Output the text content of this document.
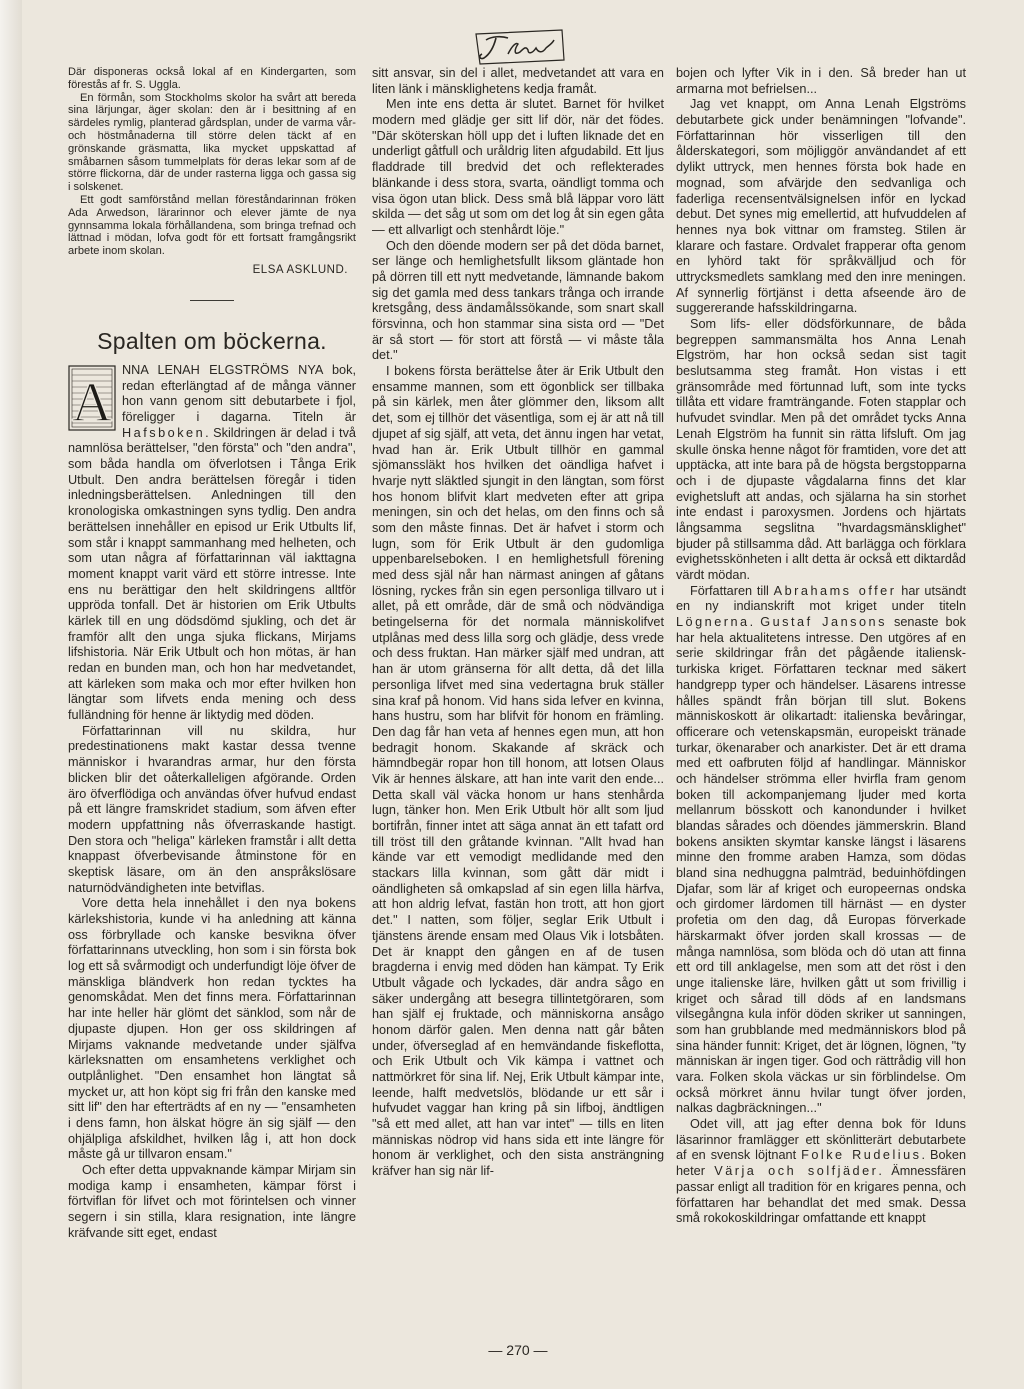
Där disponeras också lokal af en Kindergarten, som förestås af fr. S. Uggla.

En förmån, som Stockholms skolor ha svårt att bereda sina lärjungar, äger skolan: den är i besittning af en särdeles rymlig, planterad gårdsplan, under de varma vår- och höstmånaderna till större delen täckt af en grönskande gräsmatta, lika mycket uppskattad af småbarnen såsom tummelplats för deras lekar som af de större flickorna, där de under rasterna ligga och gassa sig i solskenet.

Ett godt samförstånd mellan föreståndarinnan fröken Ada Arwedson, lärarinnor och elever jämte de nya gynnsamma lokala förhållandena, som bringa trefnad och lättnad i mödan, lofva godt för ett fortsatt framgångsrikt arbete inom skolan.

ELSA ASKLUND.
Spalten om böckerna.

A
NNA LENAH ELGSTRÖMS NYA bok, redan efterlängtad af de många vänner hon vann genom sitt debutarbete i fjol, föreligger i dagarna. Titeln är Hafsboken. Skildringen är delad i två namnlösa berättelser, "den första" och "den andra", som båda handla om öfverlotsen i Tånga Erik Utbult. Den andra berättelsen föregår i tiden inledningsberättelsen. Anledningen till den kronologiska omkastningen syns tydlig. Den andra berättelsen innehåller en episod ur Erik Utbults lif, som står i knappt sammanhang med helheten, och som utan några af författarinnan väl iakttagna moment knappt varit värd ett större intresse. Inte ens nu berättigar den helt skildringens alltför uppröda tonfall. Det är historien om Erik Utbults kärlek till en ung dödsdömd sjukling, och det är framför allt den unga sjuka flickans, Mirjams lifshistoria. När Erik Utbult och hon mötas, är han redan en bunden man, och hon har medvetandet, att kärleken som maka och mor efter hvilken hon längtar som lifvets enda mening och dess fulländning för henne är liktydig med döden.

Författarinnan vill nu skildra, hur predestinationens makt kastar dessa tvenne människor i hvarandras armar, hur den första blicken blir det oåterkalleligen afgörande. Orden äro öfverflödiga och användas öfver hufvud endast på ett längre framskridet stadium, som äfven efter modern uppfattning nås öfverraskande hastigt. Den stora och "heliga" kärleken framstår i allt detta knappast öfverbevisande åtminstone för en skeptisk läsare, om än den anspråkslösare naturnödvändigheten inte betviflas.

Vore detta hela innehållet i den nya bokens kärlekshistoria, kunde vi ha anledning att känna oss förbryllade och kanske besvikna öfver författarinnans utveckling, hon som i sin första bok log ett så svårmodigt och underfundigt löje öfver de mänskliga bländverk hon redan tycktes ha genomskådat. Men det finns mera. Författarinnan har inte heller här glömt det sänklod, som når de djupaste djupen. Hon ger oss skildringen af Mirjams vaknande medvetande under själfva kärleksnatten om ensamhetens verklighet och outplånlighet. "Den ensamhet hon längtat så mycket ur, att hon köpt sig fri från den kanske med sitt lif" den har efterträdts af en ny — "ensamheten i dens famn, hon älskat högre än sig själf — den ohjälpliga afskildhet, hvilken låg i, att hon dock måste gå ur tillvaron ensam."

Och efter detta uppvaknande kämpar Mirjam sin modiga kamp i ensamheten, kämpar först i förtviflan för lifvet och mot förintelsen och vinner segern i sin stilla, klara resignation, inte längre kräfvande sitt eget, endast

sitt ansvar, sin del i allet, medvetandet att vara en liten länk i mänsklighetens kedja framåt.

Men inte ens detta är slutet. Barnet för hvilket modern med glädje ger sitt lif dör, när det födes. "Där sköterskan höll upp det i luften liknade det en underligt gåtfull och uråldrig liten afgudabild. Ett ljus fladdrade till bredvid det och reflekterades blänkande i dess stora, svarta, oändligt tomma och visa ögon utan blick. Dess små blå läppar voro lätt skilda — det såg ut som om det log åt sin egen gåta — ett allvarligt och stenhårdt löje."

Och den döende modern ser på det döda barnet, ser länge och hemlighetsfullt liksom gläntade hon på dörren till ett nytt medvetande, lämnande bakom sig det gamla med dess tankars trånga och irrande kretsgång, dess ändamålssökande, som snart skall försvinna, och hon stammar sina sista ord — "Det är så stort — för stort att förstå — vi måste tåla det."

I bokens första berättelse åter är Erik Utbult den ensamme mannen, som ett ögonblick ser tillbaka på sin kärlek, men åter glömmer den, liksom allt det, som ej tillhör det väsentliga, som ej är att nå till djupet af sig själf, att veta, det ännu ingen har vetat, hvad han är. Erik Utbult tillhör en gammal sjömanssläkt hos hvilken det oändliga hafvet i hvarje nytt släktled sjungit in den längtan, som först hos honom blifvit klart medveten efter att gripa meningen, sin och det helas, om den finns och så som den måste finnas. Det är hafvet i storm och lugn, som för Erik Utbult är den gudomliga uppenbarelseboken. I en hemlighetsfull förening med dess själ når han närmast aningen af gåtans lösning, ryckes från sin egen personliga tillvaro ut i allet, på ett område, där de små och nödvändiga betingelserna för det normala människolifvet utplånas med dess lilla sorg och glädje, dess vrede och dess fruktan. Han märker själf med undran, att han är utom gränserna för allt detta, då det lilla personliga lifvet med sina vedertagna bruk ställer sina kraf på honom. Vid hans sida lefver en kvinna, hans hustru, som har blifvit för honom en främling. Den dag får han veta af hennes egen mun, att hon bedragit honom. Skakande af skräck och hämndbegär ropar hon till honom, att lotsen Olaus Vik är hennes älskare, att han inte varit den ende... Detta skall väl väcka honom ur hans stenhårda lugn, tänker hon. Men Erik Utbult hör allt som ljud bortifrån, finner intet att säga annat än ett tafatt ord till tröst till den gråtande kvinnan. "Allt hvad han kände var ett vemodigt medlidande med den stackars lilla kvinnan, som gått där midt i oändligheten så omkapslad af sin egen lilla härfva, att hon aldrig lefvat, fastän hon trott, att hon gjort det." I natten, som följer, seglar Erik Utbult i tjänstens ärende ensam med Olaus Vik i lotsbåten. Det är knappt den gången en af de tusen bragderna i envig med döden han kämpat. Ty Erik Utbult vågade och lyckades, där andra sågo en säker undergång att besegra tillintetgöraren, som han själf ej fruktade, och människorna ansågo honom därför galen. Men denna natt går båten under, öfverseglad af en hemvändande fiskeflotta, och Erik Utbult och Vik kämpa i vattnet och nattmörkret för sina lif. Nej, Erik Utbult kämpar inte, leende, halft medvetslös, blödande ur ett sår i hufvudet vaggar han kring på sin lifboj, ändtligen "så ett med allet, att han var intet" — tills en liten människas nödrop vid hans sida ett inte längre för honom är verklighet, och den sista ansträngning kräfver han sig när lif-

bojen och lyfter Vik in i den. Så breder han ut armarna mot befrielsen...

Jag vet knappt, om Anna Lenah Elgströms debutarbete gick under benämningen "lofvande". Författarinnan hör visserligen till den ålderskategori, som möjliggör användandet af ett dylikt uttryck, men hennes första bok hade en mognad, som afvärjde den sedvanliga och faderliga recensentvälsignelsen inför en lyckad debut. Det synes mig emellertid, att hufvuddelen af hennes nya bok vittnar om framsteg. Stilen är klarare och fastare. Ordvalet frapperar ofta genom en lyhörd takt för språkvälljud och för uttrycksmedlets samklang med den inre meningen. Af synnerlig förtjänst i detta afseende äro de suggererande hafsskildringarna.

Som lifs- eller dödsförkunnare, de båda begreppen sammansmälta hos Anna Lenah Elgström, har hon också sedan sist tagit beslutsamma steg framåt. Hon vistas i ett gränsområde med förtunnad luft, som inte tycks tillåta ett vidare framträngande. Foten stapplar och hufvudet svindlar. Men på det området tycks Anna Lenah Elgström ha funnit sin rätta lifsluft. Om jag skulle önska henne något för framtiden, vore det att upptäcka, att inte bara på de högsta bergstopparna och i de djupaste vågdalarna finns det klar evighetsluft att andas, och själarna ha sin storhet inte endast i paroxysmen. Jordens och hjärtats långsamma segslitna "hvardagsmänsklighet" bjuder på stillsamma dåd. Att barlägga och förklara evighetsskönheten i allt detta är också ett diktardåd värdt mödan.

Författaren till Abrahams offer har utsändt en ny indianskrift mot kriget under titeln Lögnerna. Gustaf Jansons senaste bok har hela aktualitetens intresse. Den utgöres af en serie skildringar från det pågående italiensk-turkiska kriget. Författaren tecknar med säkert handgrepp typer och händelser. Läsarens intresse hålles spändt från början till slut. Bokens människoskott är olikartadt: italienska bevåringar, officerare och vetenskapsmän, europeiskt tränade turkar, ökenaraber och anarkister. Det är ett drama med ett oafbruten följd af handlingar. Människor och händelser strömma eller hvirfla fram genom boken till ackompanjemang ljuder med korta mellanrum bösskott och kanondunder i hvilket blandas sårades och döendes jämmerskrin. Bland bokens ansikten skymtar kanske längst i läsarens minne den fromme araben Hamza, som dödas bland sina nedhuggna palmträd, beduinhöfdingen Djafar, som lär af kriget och europeernas ondska och girdomer lärdomen till härnäst — en dyster profetia om den dag, då Europas förverkade härskarmakt öfver jorden skall krossas — de många namnlösa, som blöda och dö utan att finna ett ord till anklagelse, men som att det röst i den unge italienske läre, hvilken gått ut som frivillig i kriget och sårad till döds af en landsmans vilsegångna kula inför döden skriker ut sanningen, som han grubblande med medmänniskors blod på sina händer funnit: Kriget, det är lögnen, lögnen, "ty människan är ingen tiger. God och rättrådig vill hon vara. Folken skola väckas ur sin förblindelse. Om också mörkret ännu hvilar tungt öfver jorden, nalkas dagbräckningen..."

Odet vill, att jag efter denna bok för Iduns läsarinnor framlägger ett skönlitterärt debutarbete af en svensk löjtnant Folke Rudelius. Boken heter Värja och solfjäder. Ämnessfären passar enligt all tradition för en krigares penna, och författaren har behandlat det med smak. Dessa små rokokoskildringar omfattande ett knappt

— 270 —
